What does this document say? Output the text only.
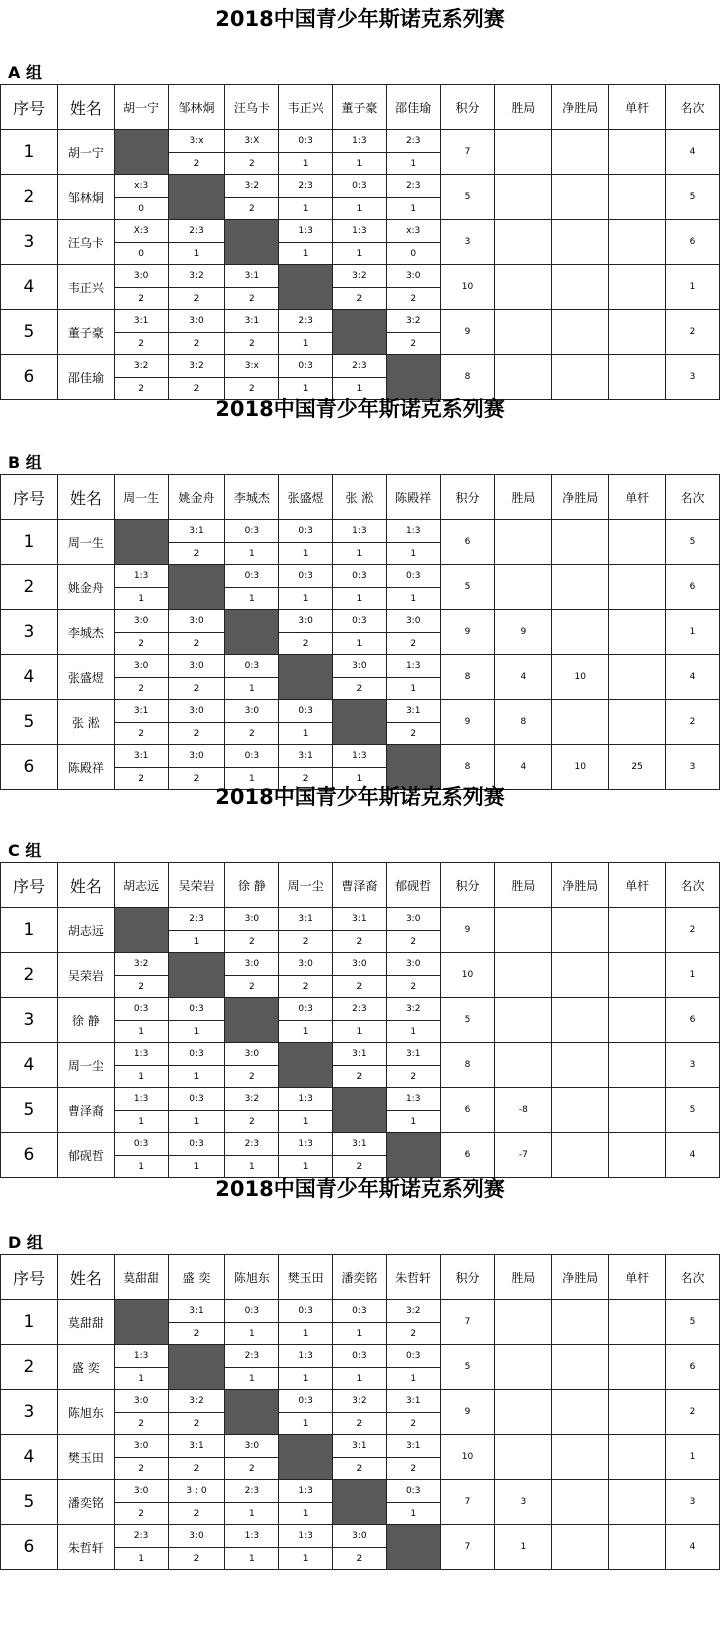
2018中国青少年斯诺克系列赛
A 组
序号	姓名	胡一宁	邹林烔	汪乌卡	韦正兴	董子豪	邵佳瑜	积分	胜局	净胜局	单杆	名次
1	胡一宁		3:x	3:X	0:3	1:3	2:3	7				4
			2	2	1	1	1					
2	邹林烔	x:3		3:2	2:3	0:3	2:3	5				5
		0		2	1	1	1					
3	汪乌卡	X:3	2:3		1:3	1:3	x:3	3				6
		0	1		1	1	0					
4	韦正兴	3:0	3:2	3:1		3:2	3:0	10				1
		2	2	2		2	2					
5	董子豪	3:1	3:0	3:1	2:3		3:2	9				2
		2	2	2	1		2					
6	邵佳瑜	3:2	3:2	3:x	0:3	2:3		8				3
		2	2	2	1	1						
2018中国青少年斯诺克系列赛
B 组
序号	姓名	周一生	姚金舟	李城杰	张盛煜	张 淞	陈殿祥	积分	胜局	净胜局	单杆	名次
1	周一生		3:1	0:3	0:3	1:3	1:3	6				5
			2	1	1	1	1					
2	姚金舟	1:3		0:3	0:3	0:3	0:3	5				6
		1		1	1	1	1					
3	李城杰	3:0	3:0		3:0	0:3	3:0	9	9			1
		2	2		2	1	2					
4	张盛煜	3:0	3:0	0:3		3:0	1:3	8	4	10		4
		2	2	1		2	1					
5	张 淞	3:1	3:0	3:0	0:3		3:1	9	8			2
		2	2	2	1		2					
6	陈殿祥	3:1	3:0	0:3	3:1	1:3		8	4	10	25	3
		2	2	1	2	1						
2018中国青少年斯诺克系列赛
C 组
序号	姓名	胡志远	吴荣岩	徐 静	周一尘	曹泽裔	郁砚哲	积分	胜局	净胜局	单杆	名次
1	胡志远		2:3	3:0	3:1	3:1	3:0	9				2
			1	2	2	2	2					
2	吴荣岩	3:2		3:0	3:0	3:0	3:0	10				1
		2		2	2	2	2					
3	徐 静	0:3	0:3		0:3	2:3	3:2	5				6
		1	1		1	1	1					
4	周一尘	1:3	0:3	3:0		3:1	3:1	8				3
		1	1	2		2	2					
5	曹泽裔	1:3	0:3	3:2	1:3		1:3	6	-8			5
		1	1	2	1		1					
6	郁砚哲	0:3	0:3	2:3	1:3	3:1		6	-7			4
		1	1	1	1	2						
2018中国青少年斯诺克系列赛
D 组
序号	姓名	莫甜甜	盛 奕	陈旭东	樊玉田	潘奕铭	朱哲轩	积分	胜局	净胜局	单杆	名次
1	莫甜甜		3:1	0:3	0:3	0:3	3:2	7				5
			2	1	1	1	2					
2	盛 奕	1:3		2:3	1:3	0:3	0:3	5				6
		1		1	1	1	1					
3	陈旭东	3:0	3:2		0:3	3:2	3:1	9				2
		2	2		1	2	2					
4	樊玉田	3:0	3:1	3:0		3:1	3:1	10				1
		2	2	2		2	2					
5	潘奕铭	3:0	3 : 0	2:3	1:3		0:3	7	3			3
		2	2	1	1		1					
6	朱哲轩	2:3	3:0	1:3	1:3	3:0		7	1			4
		1	2	1	1	2						
